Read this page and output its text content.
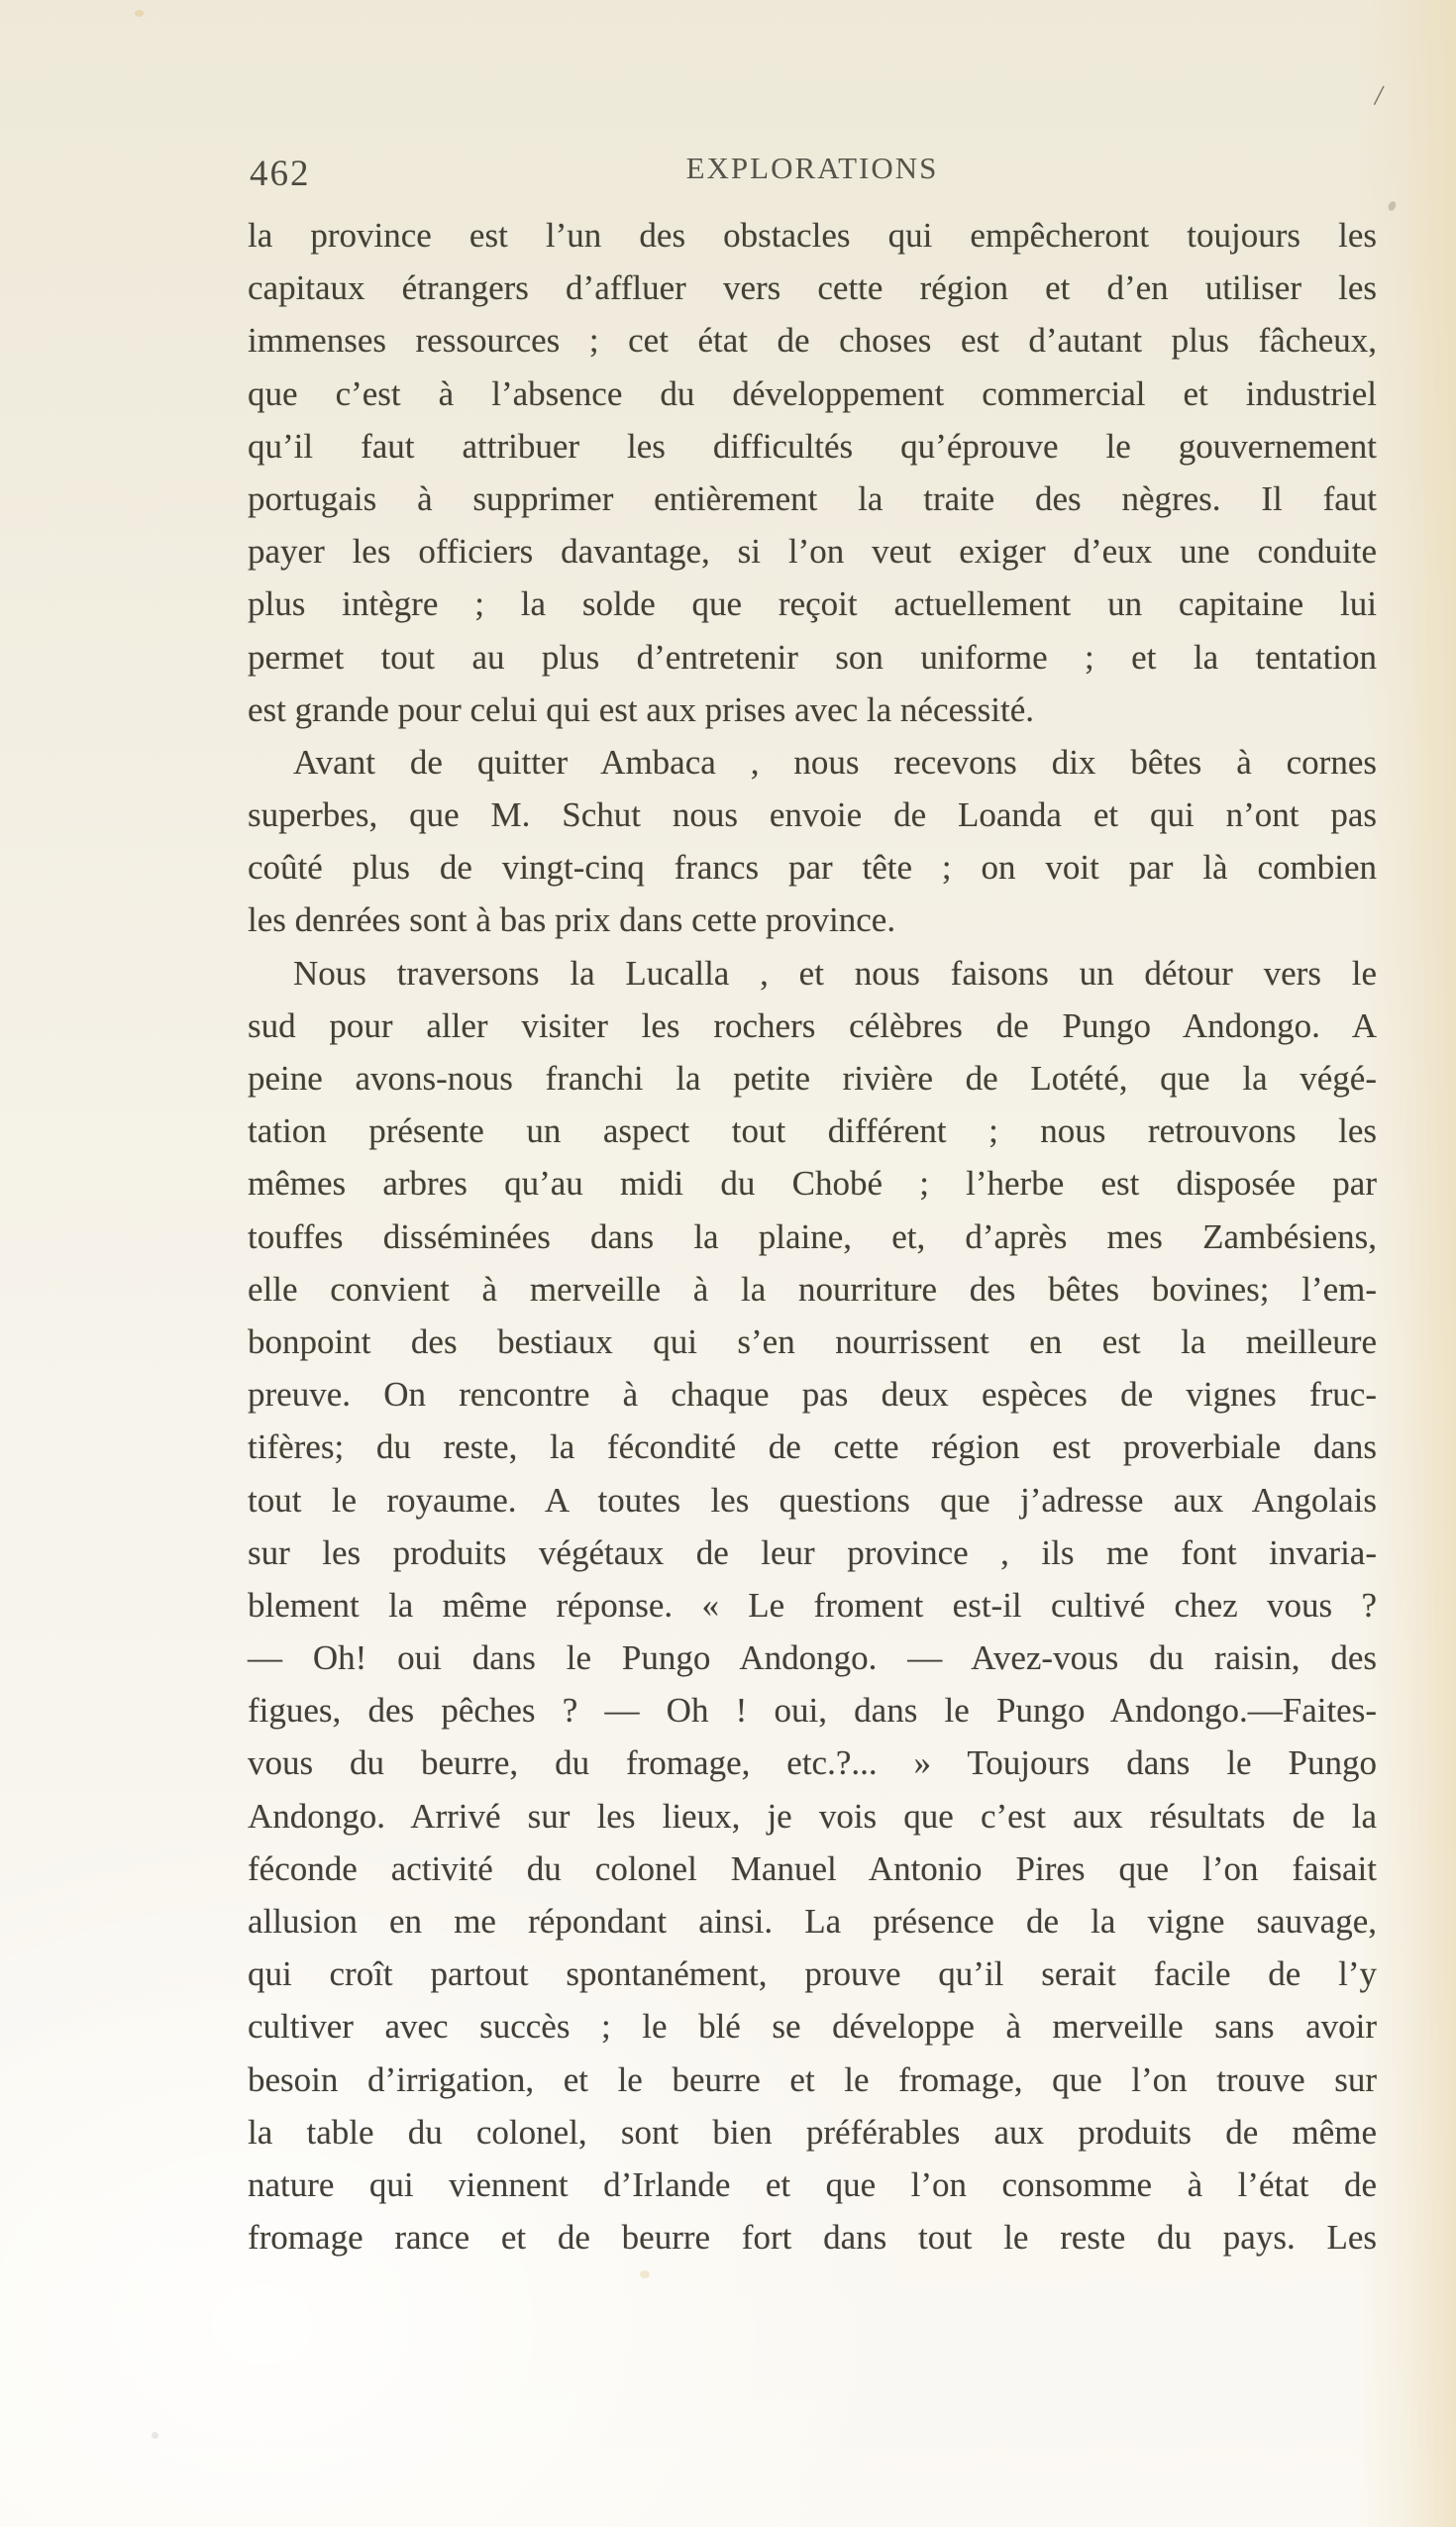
462	EXPLORATIONS
/
la province est l’un des obstacles qui empêcheront toujours les
capitaux étrangers d’affluer vers cette région et d’en utiliser les
immenses ressources ; cet état de choses est d’autant plus fâcheux,
que c’est à l’absence du développement commercial et industriel
qu’il faut attribuer les difficultés qu’éprouve le gouvernement
portugais à supprimer entièrement la traite des nègres. Il faut
payer les officiers davantage, si l’on veut exiger d’eux une conduite
plus intègre ; la solde que reçoit actuellement un capitaine lui
permet tout au plus d’entretenir son uniforme ; et la tentation
est grande pour celui qui est aux prises avec la nécessité.
Avant de quitter Ambaca , nous recevons dix bêtes à cornes
superbes, que M. Schut nous envoie de Loanda et qui n’ont pas
coûté plus de vingt-cinq francs par tête ; on voit par là combien
les denrées sont à bas prix dans cette province.
Nous traversons la Lucalla , et nous faisons un détour vers le
sud pour aller visiter les rochers célèbres de Pungo Andongo. A
peine avons-nous franchi la petite rivière de Lotété, que la végé-
tation présente un aspect tout différent ; nous retrouvons les
mêmes arbres qu’au midi du Chobé ; l’herbe est disposée par
touffes disséminées dans la plaine, et, d’après mes Zambésiens,
elle convient à merveille à la nourriture des bêtes bovines; l’em-
bonpoint des bestiaux qui s’en nourrissent en est la meilleure
preuve. On rencontre à chaque pas deux espèces de vignes fruc-
tifères; du reste, la fécondité de cette région est proverbiale dans
tout le royaume. A toutes les questions que j’adresse aux Angolais
sur les produits végétaux de leur province , ils me font invaria-
blement la même réponse. « Le froment est-il cultivé chez vous ?
— Oh! oui dans le Pungo Andongo. — Avez-vous du raisin, des
figues, des pêches ? — Oh ! oui, dans le Pungo Andongo.—Faites-
vous du beurre, du fromage, etc.?... » Toujours dans le Pungo
Andongo. Arrivé sur les lieux, je vois que c’est aux résultats de la
féconde activité du colonel Manuel Antonio Pires que l’on faisait
allusion en me répondant ainsi. La présence de la vigne sauvage,
qui croît partout spontanément, prouve qu’il serait facile de l’y
cultiver avec succès ; le blé se développe à merveille sans avoir
besoin d’irrigation, et le beurre et le fromage, que l’on trouve sur
la table du colonel, sont bien préférables aux produits de même
nature qui viennent d’Irlande et que l’on consomme à l’état de
fromage rance et de beurre fort dans tout le reste du pays. Les
